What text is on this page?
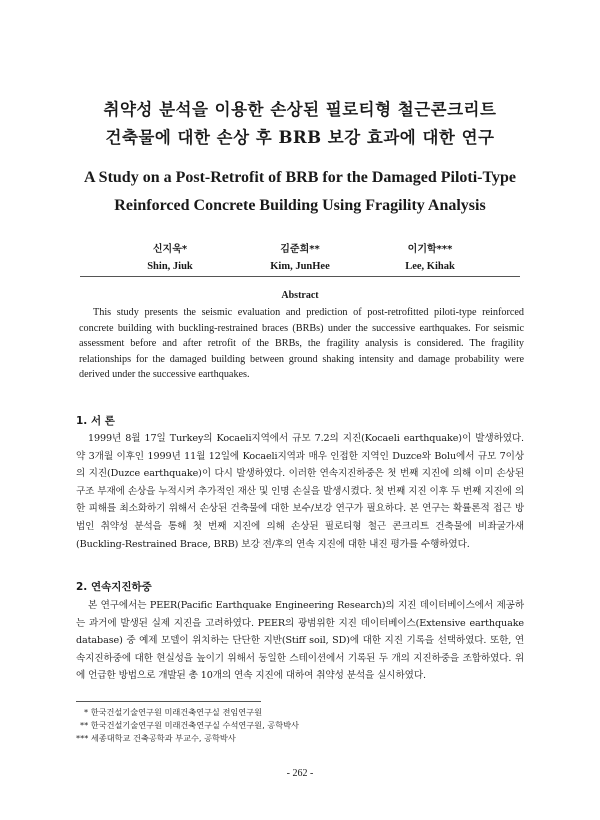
취약성 분석을 이용한 손상된 필로티형 철근콘크리트
건축물에 대한 손상 후 BRB 보강 효과에 대한 연구
A Study on a Post-Retrofit of BRB for the Damaged Piloti-Type
Reinforced Concrete Building Using Fragility Analysis
신지욱*
Shin, Jiuk
김준희**
Kim, JunHee
이기학***
Lee, Kihak
Abstract

This study presents the seismic evaluation and prediction of post-retrofitted piloti-type reinforced concrete building with buckling-restrained braces (BRBs) under the successive earthquakes. For seismic assessment before and after retrofit of the BRBs, the fragility analysis is considered. The fragility relationships for the damaged building between ground shaking intensity and damage probability were derived under the successive earthquakes.

1. 서 론

1999년 8월 17일 Turkey의 Kocaeli지역에서 규모 7.2의 지진(Kocaeli earthquake)이 발생하였다. 약 3개월 이후인 1999년 11월 12일에 Kocaeli지역과 매우 인접한 지역인 Duzce와 Bolu에서 규모 7이상의 지진(Duzce earthquake)이 다시 발생하였다. 이러한 연속지진하중은 첫 번째 지진에 의해 이미 손상된 구조 부재에 손상을 누적시켜 추가적인 재산 및 인명 손실을 발생시켰다. 첫 번째 지진 이후 두 번째 지진에 의한 피해를 최소화하기 위해서 손상된 건축물에 대한 보수/보강 연구가 필요하다. 본 연구는 확률론적 접근 방법인 취약성 분석을 통해 첫 번째 지진에 의해 손상된 필로티형 철근 콘크리트 건축물에 비좌굴가새(Buckling-Restrained Brace, BRB) 보강 전/후의 연속 지진에 대한 내진 평가를 수행하였다.

2. 연속지진하중

본 연구에서는 PEER(Pacific Earthquake Engineering Research)의 지진 데이터베이스에서 제공하는 과거에 발생된 실제 지진을 고려하였다. PEER의 광범위한 지진 데이터베이스(Extensive earthquake database) 중 예제 모델이 위치하는 단단한 지반(Stiff soil, SD)에 대한 지진 기록을 선택하였다. 또한, 연속지진하중에 대한 현실성을 높이기 위해서 동일한 스테이션에서 기록된 두 개의 지진하중을 조합하였다. 위에 언급한 방법으로 개발된 총 10개의 연속 지진에 대하여 취약성 분석을 실시하였다.

* 한국건설기술연구원 미래건축연구실 전임연구원
** 한국건설기술연구원 미래건축연구실 수석연구원, 공학박사
*** 세종대학교 건축공학과 부교수, 공학박사
- 262 -
